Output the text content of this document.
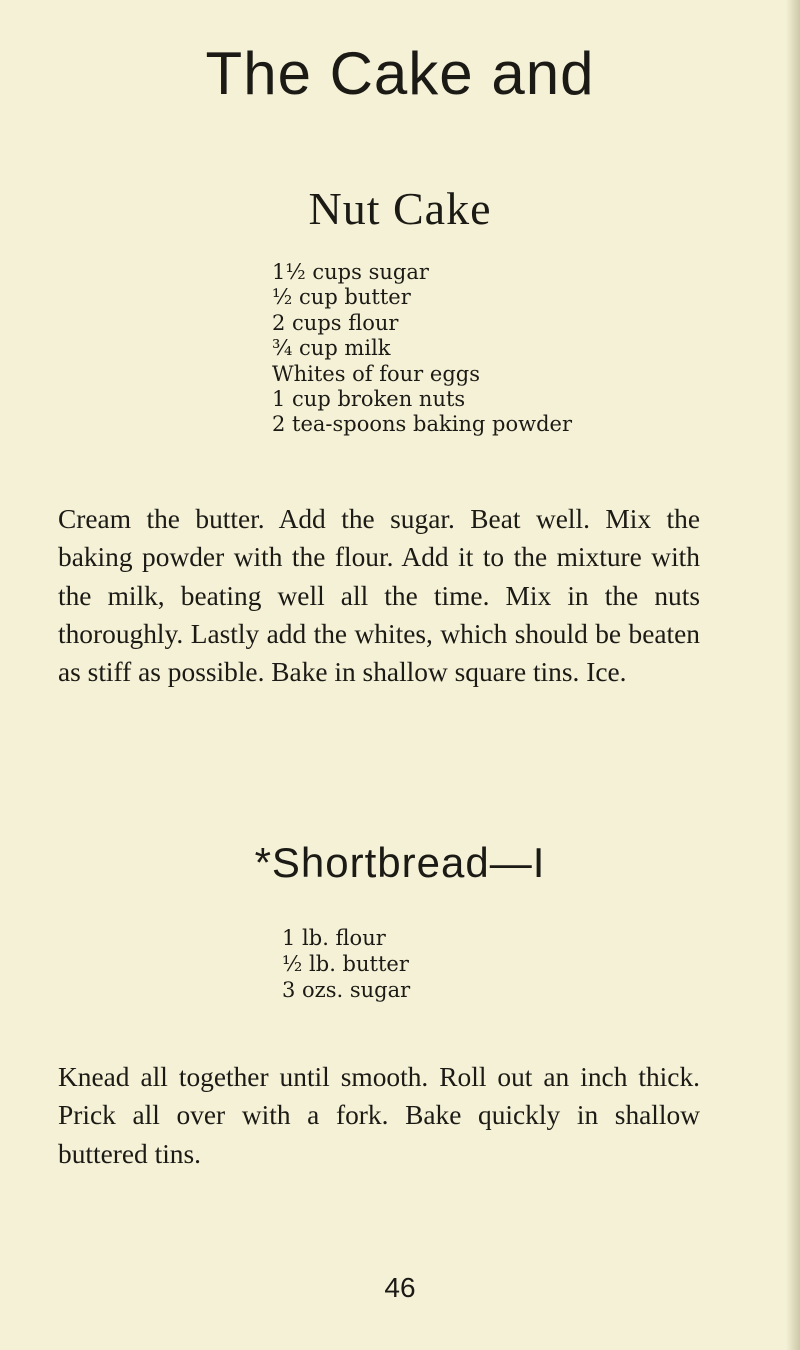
The Cake and
Nut Cake
1½ cups sugar
½ cup butter
2 cups flour
¾ cup milk
Whites of four eggs
1 cup broken nuts
2 tea-spoons baking powder

Cream the butter. Add the sugar. Beat well. Mix the baking powder with the flour. Add it to the mixture with the milk, beating well all the time. Mix in the nuts thoroughly. Lastly add the whites, which should be beaten as stiff as possible. Bake in shallow square tins. Ice.

*Shortbread—I
1 lb. flour
½ lb. butter
3 ozs. sugar

Knead all together until smooth. Roll out an inch thick. Prick all over with a fork. Bake quickly in shallow buttered tins.

46
